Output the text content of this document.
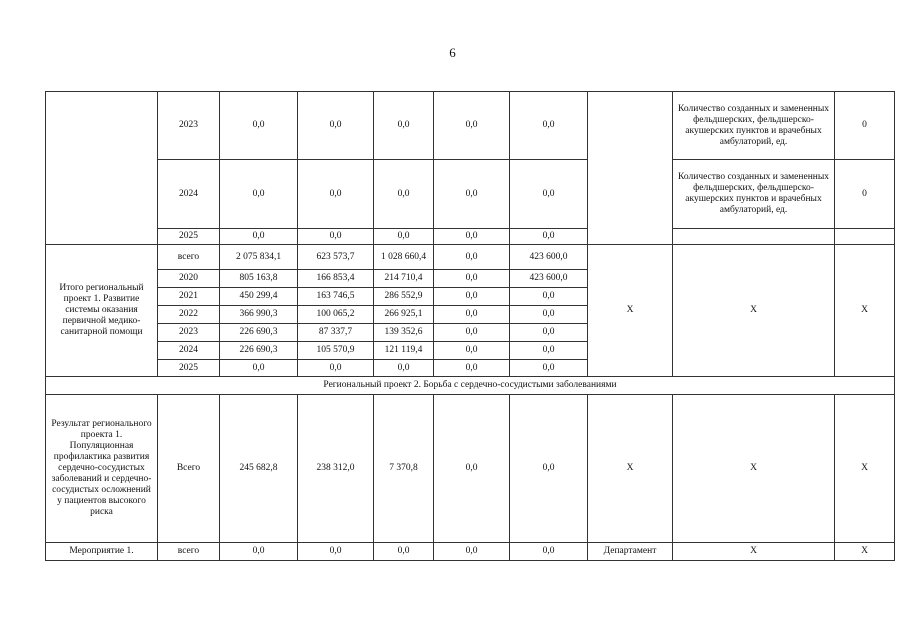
6
	2023	0,0	0,0	0,0	0,0	0,0		Количество созданных и замененных фельдшерских, фельдшерско-акушерских пунктов и врачебных амбулаторий, ед.	0
	2024	0,0	0,0	0,0	0,0	0,0		Количество созданных и замененных фельдшерских, фельдшерско-акушерских пунктов и врачебных амбулаторий, ед.	0
	2025	0,0	0,0	0,0	0,0	0,0			
Итого региональный проект 1. Развитие системы оказания первичной медико-санитарной помощи	всего	2 075 834,1	623 573,7	1 028 660,4	0,0	423 600,0	Х	Х	Х
	2020	805 163,8	166 853,4	214 710,4	0,0	423 600,0			
	2021	450 299,4	163 746,5	286 552,9	0,0	0,0			
	2022	366 990,3	100 065,2	266 925,1	0,0	0,0			
	2023	226 690,3	87 337,7	139 352,6	0,0	0,0			
	2024	226 690,3	105 570,9	121 119,4	0,0	0,0			
	2025	0,0	0,0	0,0	0,0	0,0			
Региональный проект 2. Борьба с сердечно-сосудистыми заболеваниями									
Результат регионального проекта 1. Популяционная профилактика развития сердечно-сосудистых заболеваний и сердечно-сосудистых осложнений у пациентов высокого риска	Всего	245 682,8	238 312,0	7 370,8	0,0	0,0	Х	Х	Х
Мероприятие 1.	всего	0,0	0,0	0,0	0,0	0,0	Департамент	Х	Х
